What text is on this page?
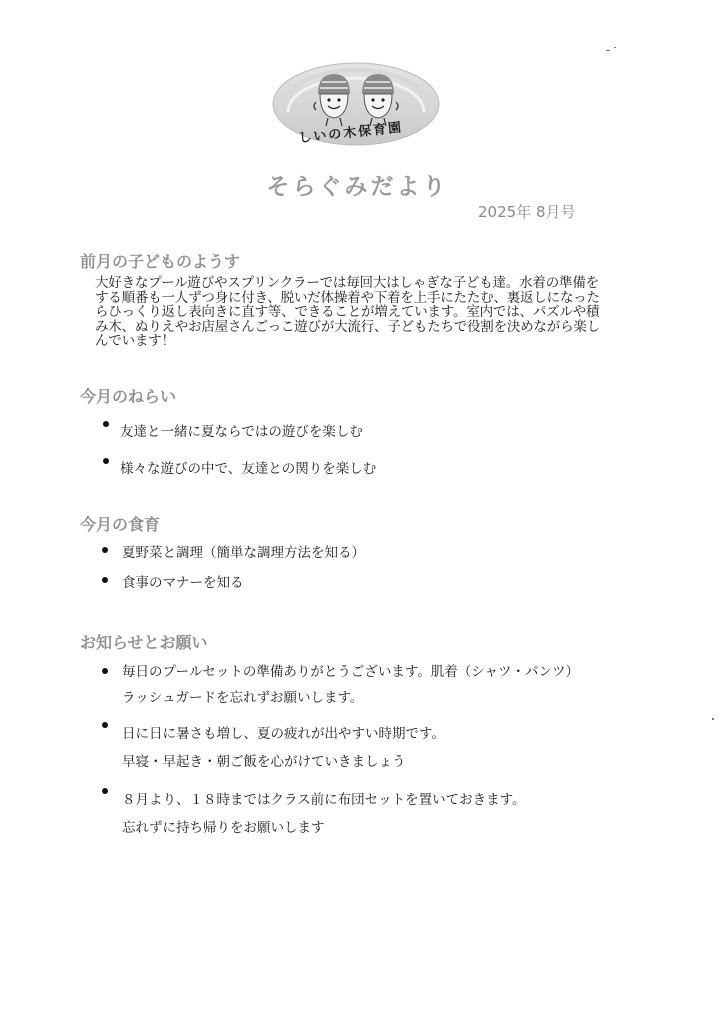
しいの木保育園
そらぐみだより
2025年 8月号
前月の子どものようす
大好きなプール遊びやスプリンクラーでは毎回大はしゃぎな子ども達。水着の準備を
する順番も一人ずつ身に付き、脱いだ体操着や下着を上手にたたむ、裏返しになった
らひっくり返し表向きに直す等、できることが増えています。室内では、パズルや積
み木、ぬりえやお店屋さんごっこ遊びが大流行、子どもたちで役割を決めながら楽し
んでいます！
今月のねらい
友達と一緒に夏ならではの遊びを楽しむ
様々な遊びの中で、友達との関りを楽しむ
今月の食育
夏野菜と調理（簡単な調理方法を知る）
食事のマナーを知る
お知らせとお願い
毎日のプールセットの準備ありがとうございます。肌着（シャツ・パンツ）
ラッシュガードを忘れずお願いします。
日に日に暑さも増し、夏の疲れが出やすい時期です。
早寝・早起き・朝ご飯を心がけていきましょう
８月より、１８時まではクラス前に布団セットを置いておきます。
忘れずに持ち帰りをお願いします
